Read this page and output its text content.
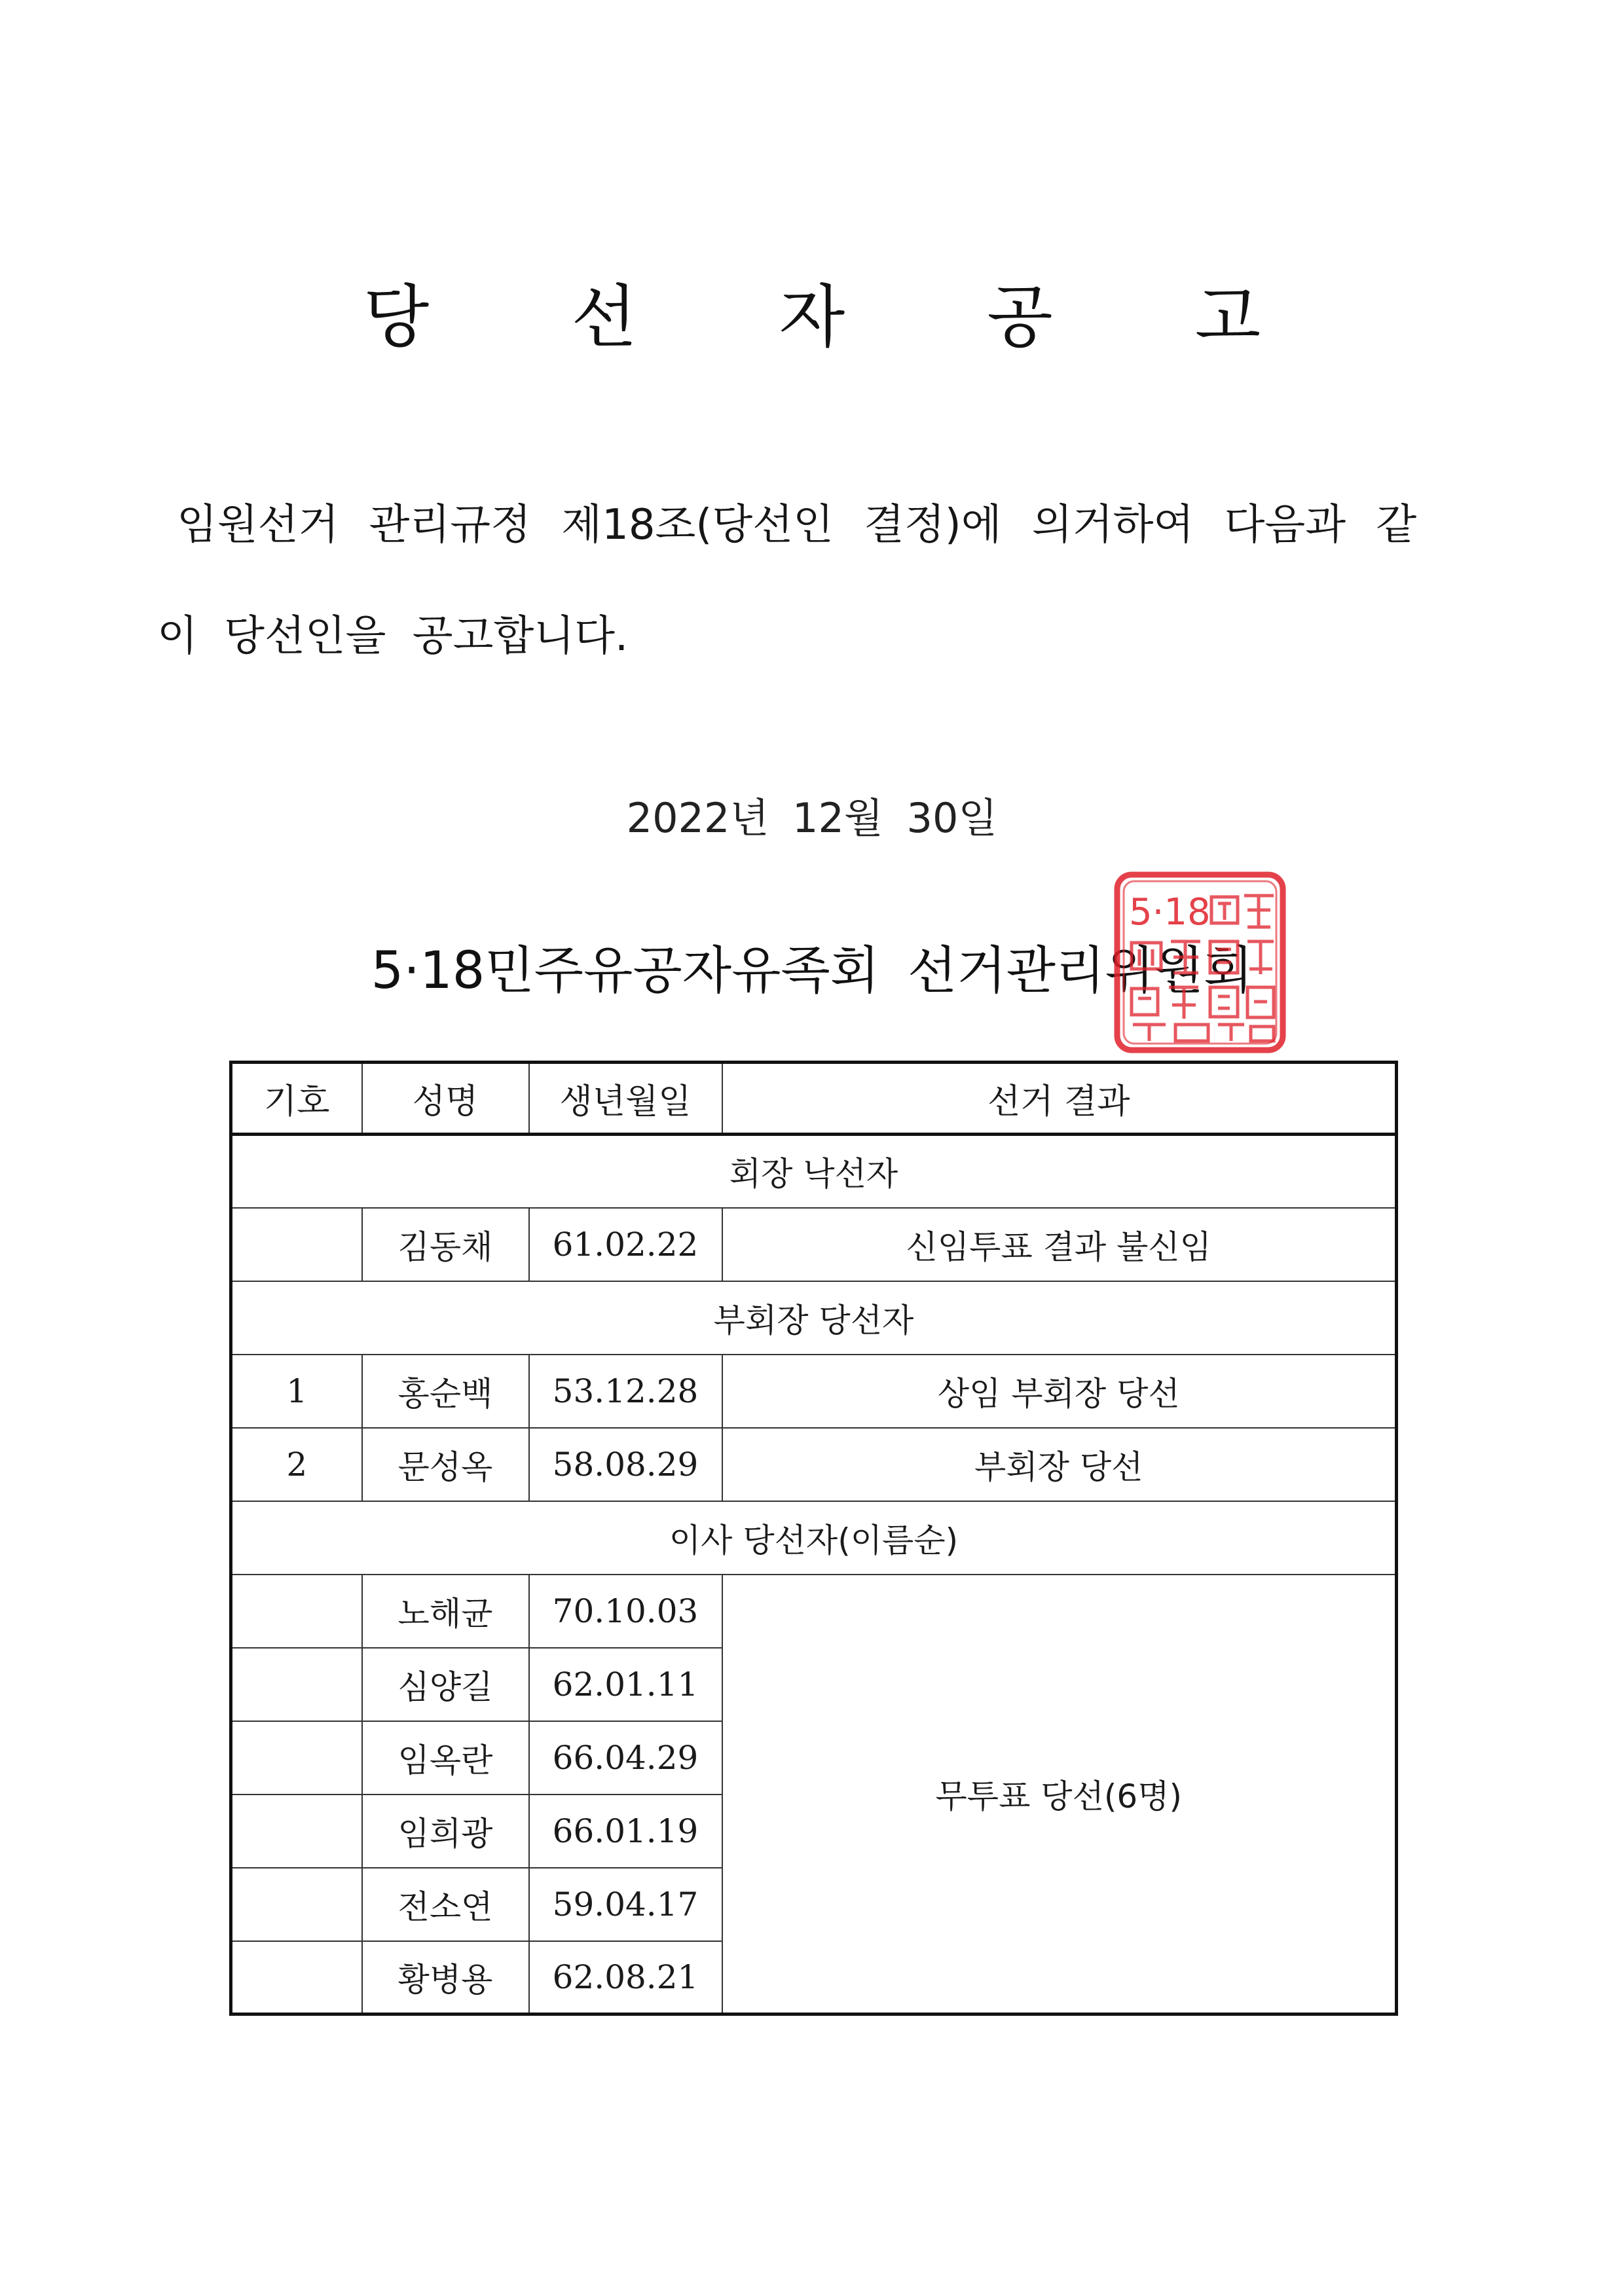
당 선 자 공 고
임원선거 관리규정 제18조(당선인 결정)에 의거하여 다음과 같
이 당선인을 공고합니다.
2022년 12월 30일
5·18민주유공자유족회 선거관리위원회
5·18
기호	성명	생년월일	선거 결과
회장 낙선자			
	김동채	61.02.22	신임투표 결과 불신임
부회장 당선자			
1	홍순백	53.12.28	상임 부회장 당선
2	문성옥	58.08.29	부회장 당선
이사 당선자(이름순)			
	노해균	70.10.03	무투표 당선(6명)
	심양길	62.01.11	
	임옥란	66.04.29	
	임희광	66.01.19	
	전소연	59.04.17	
	황병용	62.08.21	
